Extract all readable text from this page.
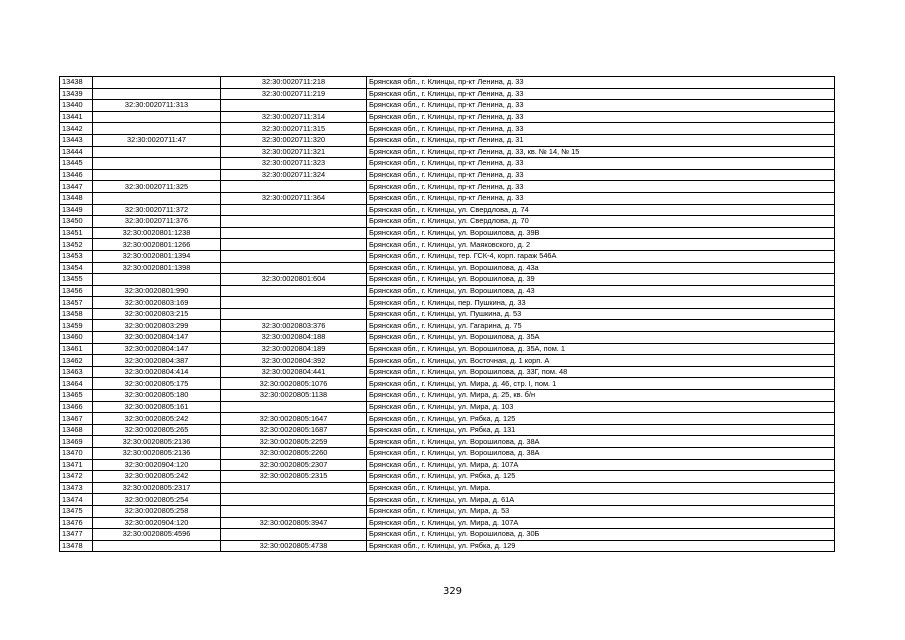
13438		32:30:0020711:218	Брянская обл., г. Клинцы, пр-кт Ленина, д. 33
13439		32:30:0020711:219	Брянская обл., г. Клинцы, пр-кт Ленина, д. 33
13440	32:30:0020711:313		Брянская обл., г. Клинцы, пр-кт Ленина, д. 33
13441		32:30:0020711:314	Брянская обл., г. Клинцы, пр-кт Ленина, д. 33
13442		32:30:0020711:315	Брянская обл., г. Клинцы, пр-кт Ленина, д. 33
13443	32:30:0020711:47	32:30:0020711:320	Брянская обл., г. Клинцы, пр-кт Ленина, д. 31
13444		32:30:0020711:321	Брянская обл., г. Клинцы, пр-кт Ленина, д. 33, кв. № 14, № 15
13445		32:30:0020711:323	Брянская обл., г. Клинцы, пр-кт Ленина, д. 33
13446		32:30:0020711:324	Брянская обл., г. Клинцы, пр-кт Ленина, д. 33
13447	32:30:0020711:325		Брянская обл., г. Клинцы, пр-кт Ленина, д. 33
13448		32:30:0020711:364	Брянская обл., г. Клинцы, пр-кт Ленина, д. 33
13449	32:30:0020711:372		Брянская обл., г. Клинцы, ул. Свердлова, д. 74
13450	32:30:0020711:376		Брянская обл., г. Клинцы, ул. Свердлова, д. 70
13451	32:30:0020801:1238		Брянская обл., г. Клинцы, ул. Ворошилова, д. 39В
13452	32:30:0020801:1266		Брянская обл., г. Клинцы, ул. Маяковского, д. 2
13453	32:30:0020801:1394		Брянская обл., г. Клинцы, тер. ГСК-4, корп. гараж 546А
13454	32:30:0020801:1398		Брянская обл., г. Клинцы, ул. Ворошилова, д. 43а
13455		32:30:0020801:604	Брянская обл., г. Клинцы, ул. Ворошилова, д. 39
13456	32:30:0020801:990		Брянская обл., г. Клинцы, ул. Ворошилова, д. 43
13457	32:30:0020803:169		Брянская обл., г. Клинцы, пер. Пушкина, д. 33
13458	32:30:0020803:215		Брянская обл., г. Клинцы, ул. Пушкина, д. 53
13459	32:30:0020803:299	32:30:0020803:376	Брянская обл., г. Клинцы, ул. Гагарина, д. 75
13460	32:30:0020804:147	32:30:0020804:188	Брянская обл., г. Клинцы, ул. Ворошилова, д. 35А
13461	32:30:0020804:147	32:30:0020804:189	Брянская обл., г. Клинцы, ул. Ворошилова, д. 35А, пом. 1
13462	32:30:0020804:387	32:30:0020804:392	Брянская обл., г. Клинцы, ул. Восточная, д. 1 корп. А
13463	32:30:0020804:414	32:30:0020804:441	Брянская обл., г. Клинцы, ул. Ворошилова, д. 33Г, пом. 48
13464	32:30:0020805:175	32:30:0020805:1076	Брянская обл., г. Клинцы, ул. Мира, д. 46, стр. I, пом. 1
13465	32:30:0020805:180	32:30:0020805:1138	Брянская обл., г. Клинцы, ул. Мира, д. 25, кв. б/н
13466	32:30:0020805:161		Брянская обл., г. Клинцы, ул. Мира, д. 103
13467	32:30:0020805:242	32:30:0020805:1647	Брянская обл., г. Клинцы, ул. Рябка, д. 125
13468	32:30:0020805:265	32:30:0020805:1687	Брянская обл., г. Клинцы, ул. Рябка, д. 131
13469	32:30:0020805:2136	32:30:0020805:2259	Брянская обл., г. Клинцы, ул. Ворошилова, д. 38А
13470	32:30:0020805:2136	32:30:0020805:2260	Брянская обл., г. Клинцы, ул. Ворошилова, д. 38А
13471	32:30:0020904:120	32:30:0020805:2307	Брянская обл., г. Клинцы, ул. Мира, д. 107А
13472	32:30:0020805:242	32:30:0020805:2315	Брянская обл., г. Клинцы, ул. Рябка, д. 125
13473	32:30:0020805:2317		Брянская обл., г. Клинцы, ул. Мира.
13474	32:30:0020805:254		Брянская обл., г. Клинцы, ул. Мира, д. 61А
13475	32:30:0020805:258		Брянская обл., г. Клинцы, ул. Мира, д. 53
13476	32:30:0020904:120	32:30:0020805:3947	Брянская обл., г. Клинцы, ул. Мира, д. 107А
13477	32:30:0020805:4596		Брянская обл., г. Клинцы, ул. Ворошилова, д. 30Б
13478		32:30:0020805:4738	Брянская обл., г. Клинцы, ул. Рябка, д. 129
329
